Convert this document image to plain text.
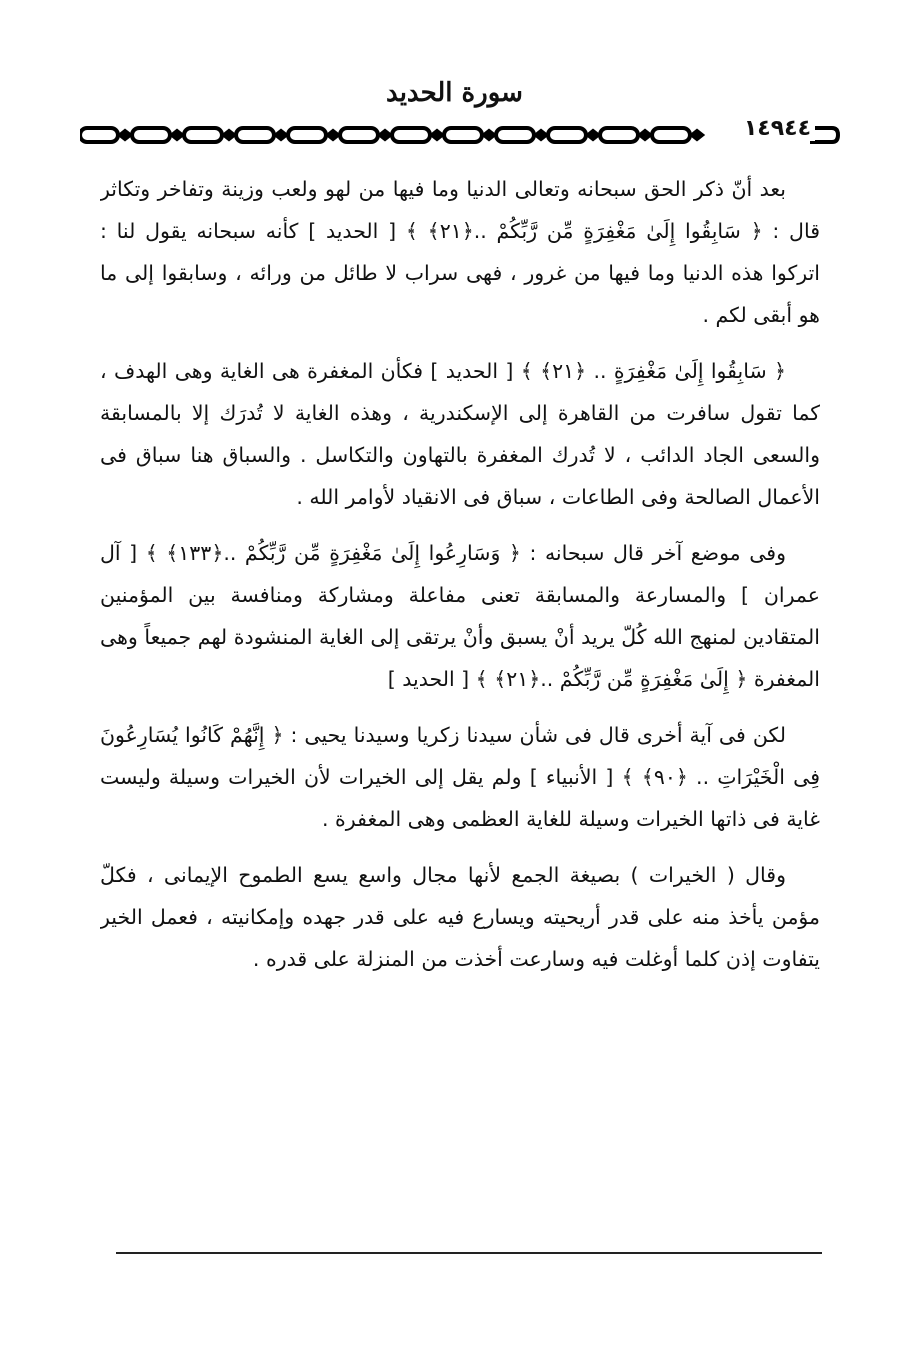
سورة الحديد
١٤٩٤٤

بعد أنّ ذكر الحق سبحانه وتعالى الدنيا وما فيها من لهو ولعب وزينة وتفاخر وتكاثر قال : ﴿ سَابِقُوا إِلَىٰ مَغْفِرَةٍ مِّن رَّبِّكُمْ ..﴿٢١﴾ ﴾ [ الحديد ] كأنه سبحانه يقول لنا : اتركوا هذه الدنيا وما فيها من غرور ، فهى سراب لا طائل من ورائه ، وسابقوا إلى ما هو أبقى لكم .

﴿ سَابِقُوا إِلَىٰ مَغْفِرَةٍ .. ﴿٢١﴾ ﴾ [ الحديد ] فكأن المغفرة هى الغاية وهى الهدف ، كما تقول سافرت من القاهرة إلى الإسكندرية ، وهذه الغاية لا تُدرَك إلا بالمسابقة والسعى الجاد الدائب ، لا تُدرك المغفرة بالتهاون والتكاسل . والسباق هنا سباق فى الأعمال الصالحة وفى الطاعات ، سباق فى الانقياد لأوامر الله .

وفى موضع آخر قال سبحانه : ﴿ وَسَارِعُوا إِلَىٰ مَغْفِرَةٍ مِّن رَّبِّكُمْ ..﴿١٣٣﴾ ﴾ [ آل عمران ] والمسارعة والمسابقة تعنى مفاعلة ومشاركة ومنافسة بين المؤمنين المتقادين لمنهج الله كُلّ يريد أنْ يسبق وأنْ يرتقى إلى الغاية المنشودة لهم جميعاً وهى المغفرة ﴿ إِلَىٰ مَغْفِرَةٍ مِّن رَّبِّكُمْ ..﴿٢١﴾ ﴾ [ الحديد ]

لكن فى آية أخرى قال فى شأن سيدنا زكريا وسيدنا يحيى : ﴿ إِنَّهُمْ كَانُوا يُسَارِعُونَ فِى الْخَيْرَاتِ .. ﴿٩٠﴾ ﴾ [ الأنبياء ] ولم يقل إلى الخيرات لأن الخيرات وسيلة وليست غاية فى ذاتها الخيرات وسيلة للغاية العظمى وهى المغفرة .

وقال ( الخيرات ) بصيغة الجمع لأنها مجال واسع يسع الطموح الإيمانى ، فكلّ مؤمن يأخذ منه على قدر أريحيته ويسارع فيه على قدر جهده وإمكانيته ، فعمل الخير يتفاوت إذن كلما أوغلت فيه وسارعت أخذت من المنزلة على قدره .
